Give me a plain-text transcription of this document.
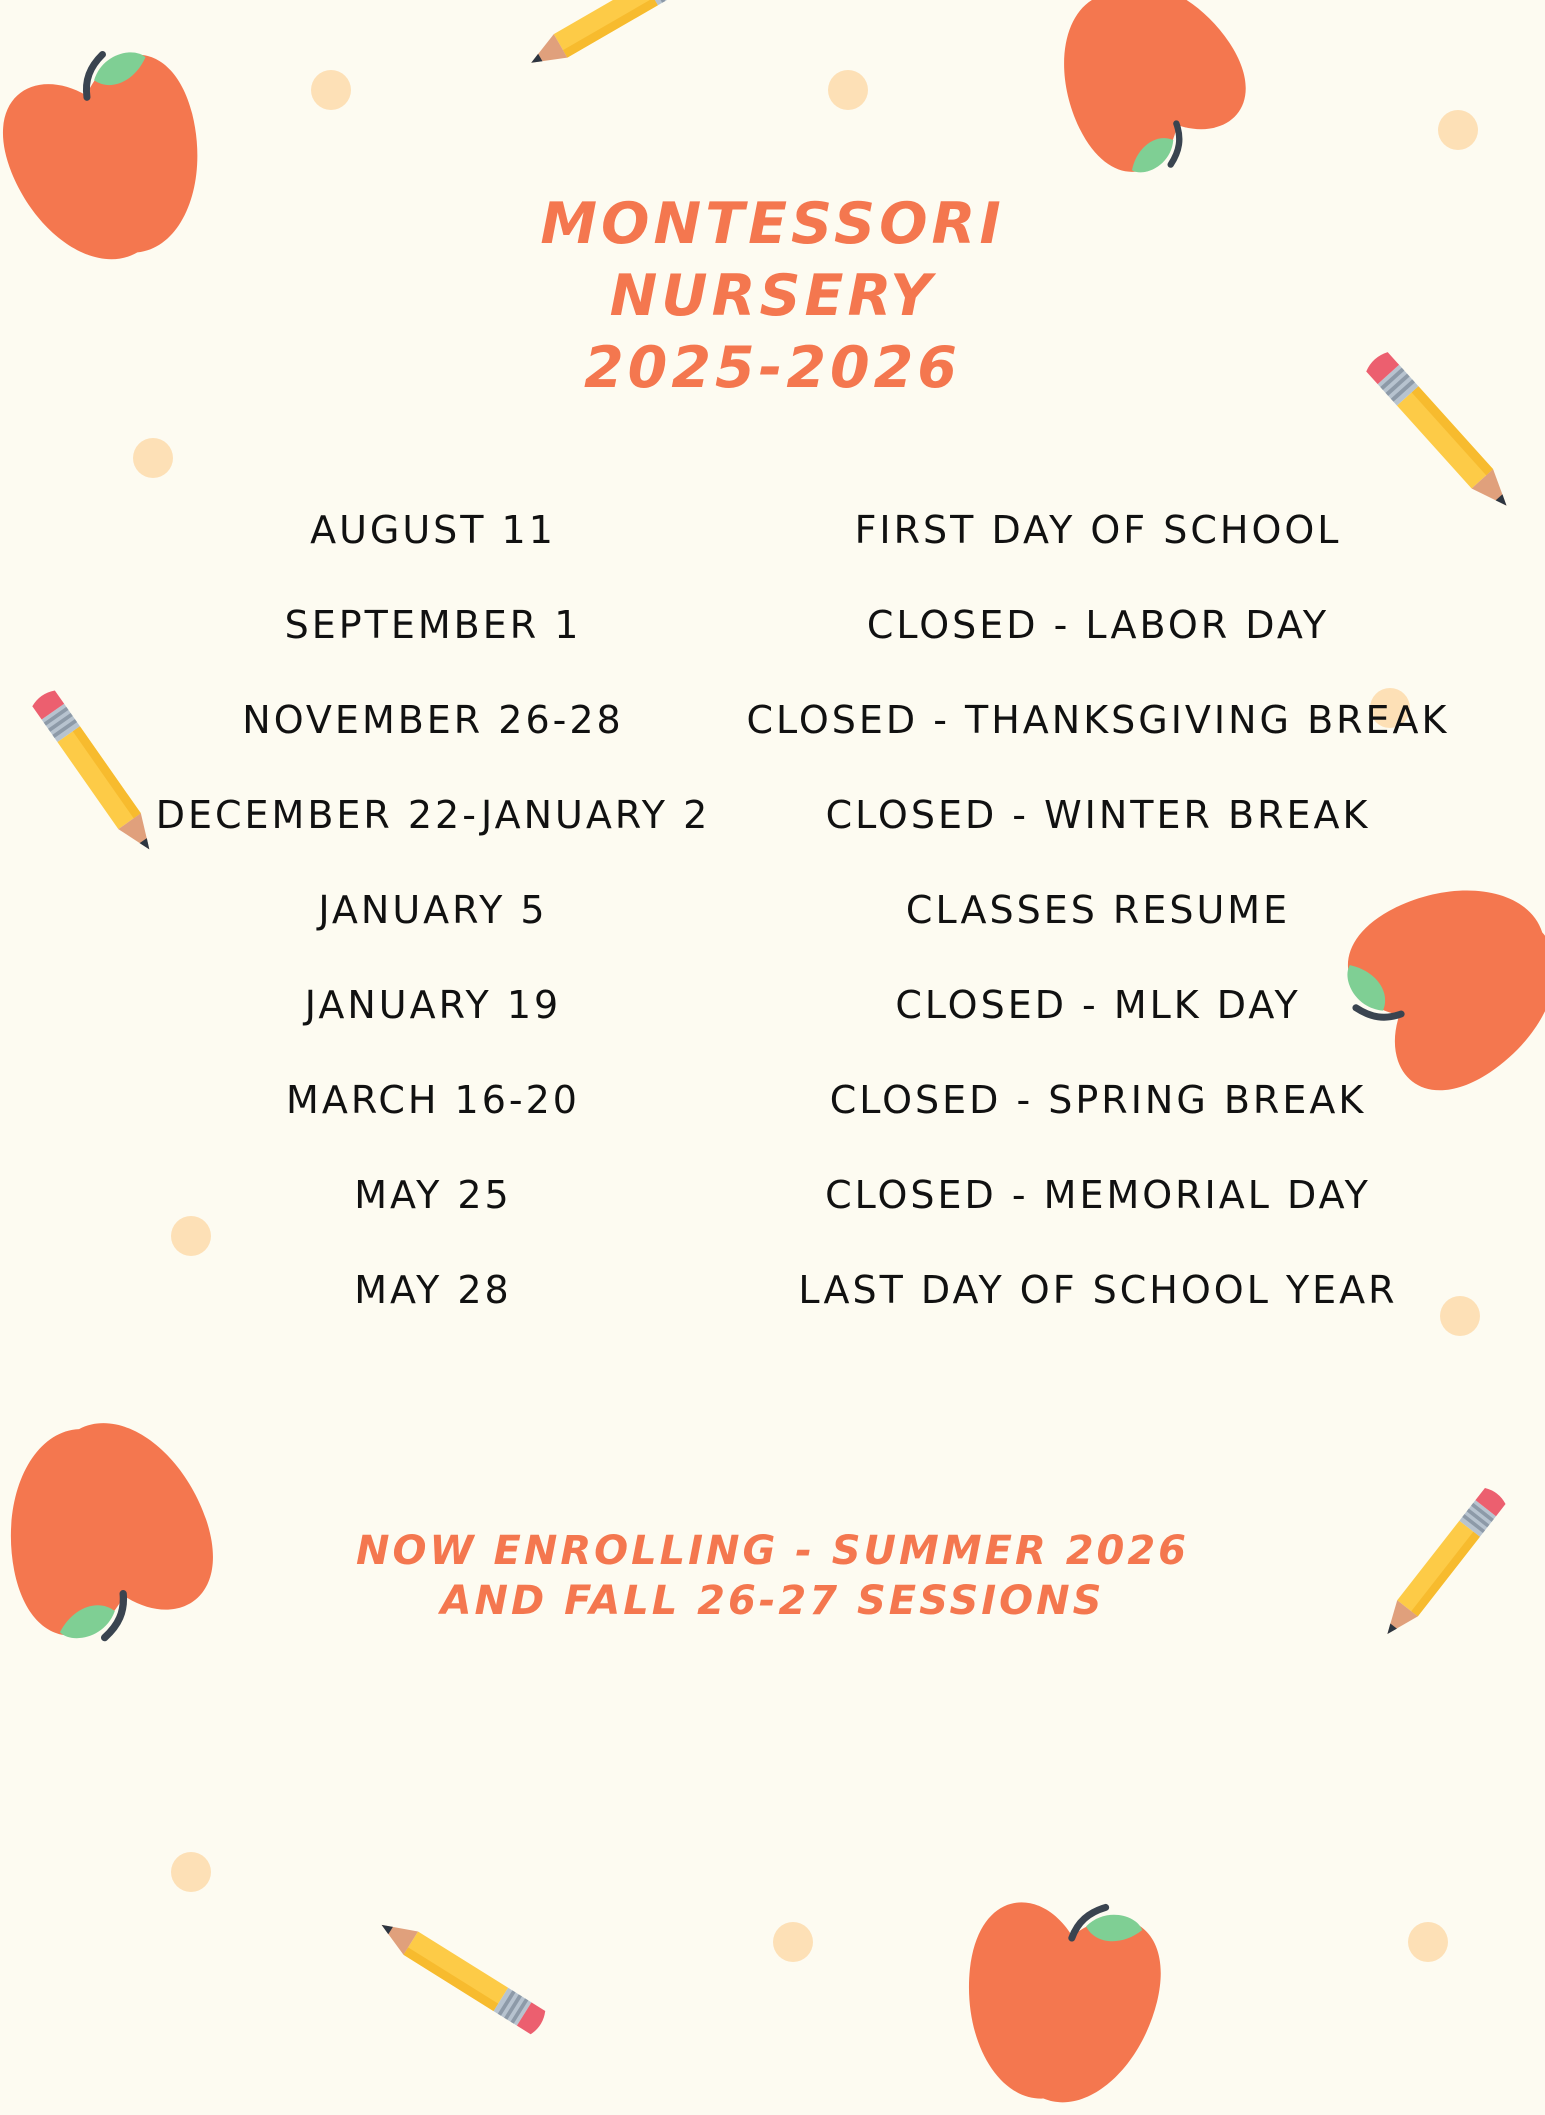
MONTESSORI
NURSERY
2025-2026
AUGUST 11	FIRST DAY OF SCHOOL
SEPTEMBER 1	CLOSED - LABOR DAY
NOVEMBER 26-28	CLOSED - THANKSGIVING BREAK
DECEMBER 22-JANUARY 2	CLOSED - WINTER BREAK
JANUARY 5	CLASSES RESUME
JANUARY 19	CLOSED - MLK DAY
MARCH 16-20	CLOSED - SPRING BREAK
MAY 25	CLOSED - MEMORIAL DAY
MAY 28	LAST DAY OF SCHOOL YEAR
NOW ENROLLING - SUMMER 2026
AND FALL 26-27 SESSIONS
